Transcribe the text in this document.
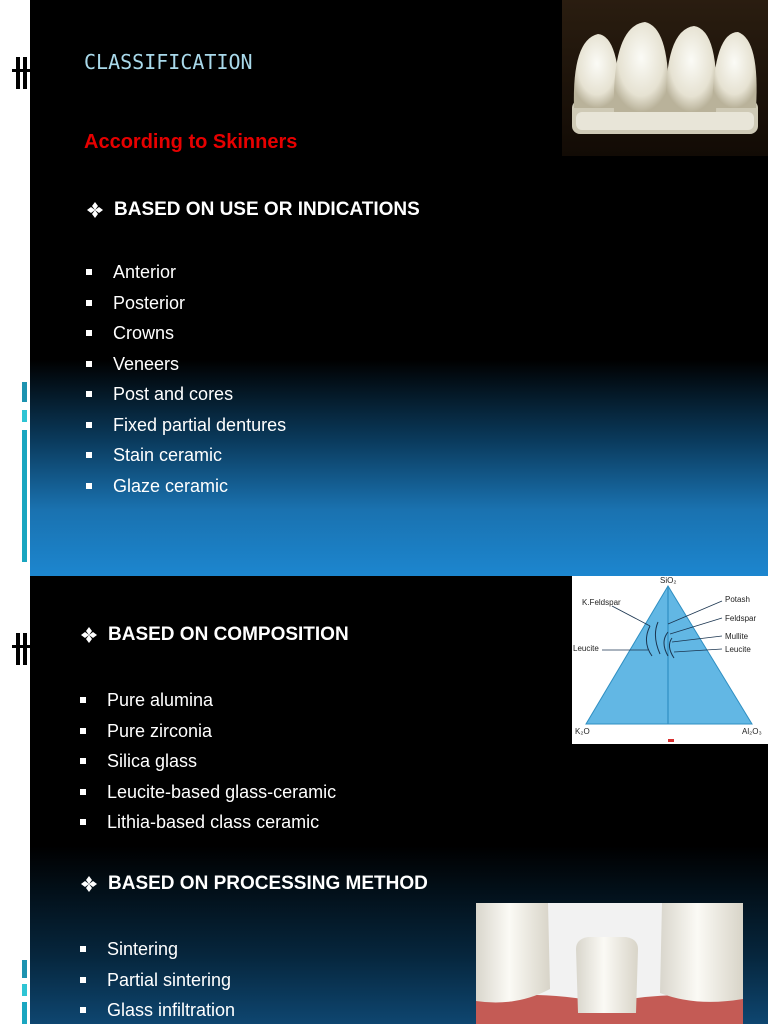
CLASSIFICATION
According to Skinners
BASED ON USE OR INDICATIONS
Anterior
Posterior
Crowns
Veneers
Post and cores
Fixed partial dentures
Stain ceramic
Glaze ceramic
BASED ON COMPOSITION
Pure alumina
Pure zirconia
Silica glass
Leucite-based glass-ceramic
Lithia-based class ceramic
BASED ON PROCESSING METHOD
Sintering
Partial sintering
Glass infiltration
SiO₂
K.Feldspar	Potash
Feldspar
Mullite
Leucite
Leucite
K₂O	Al₂O₃
